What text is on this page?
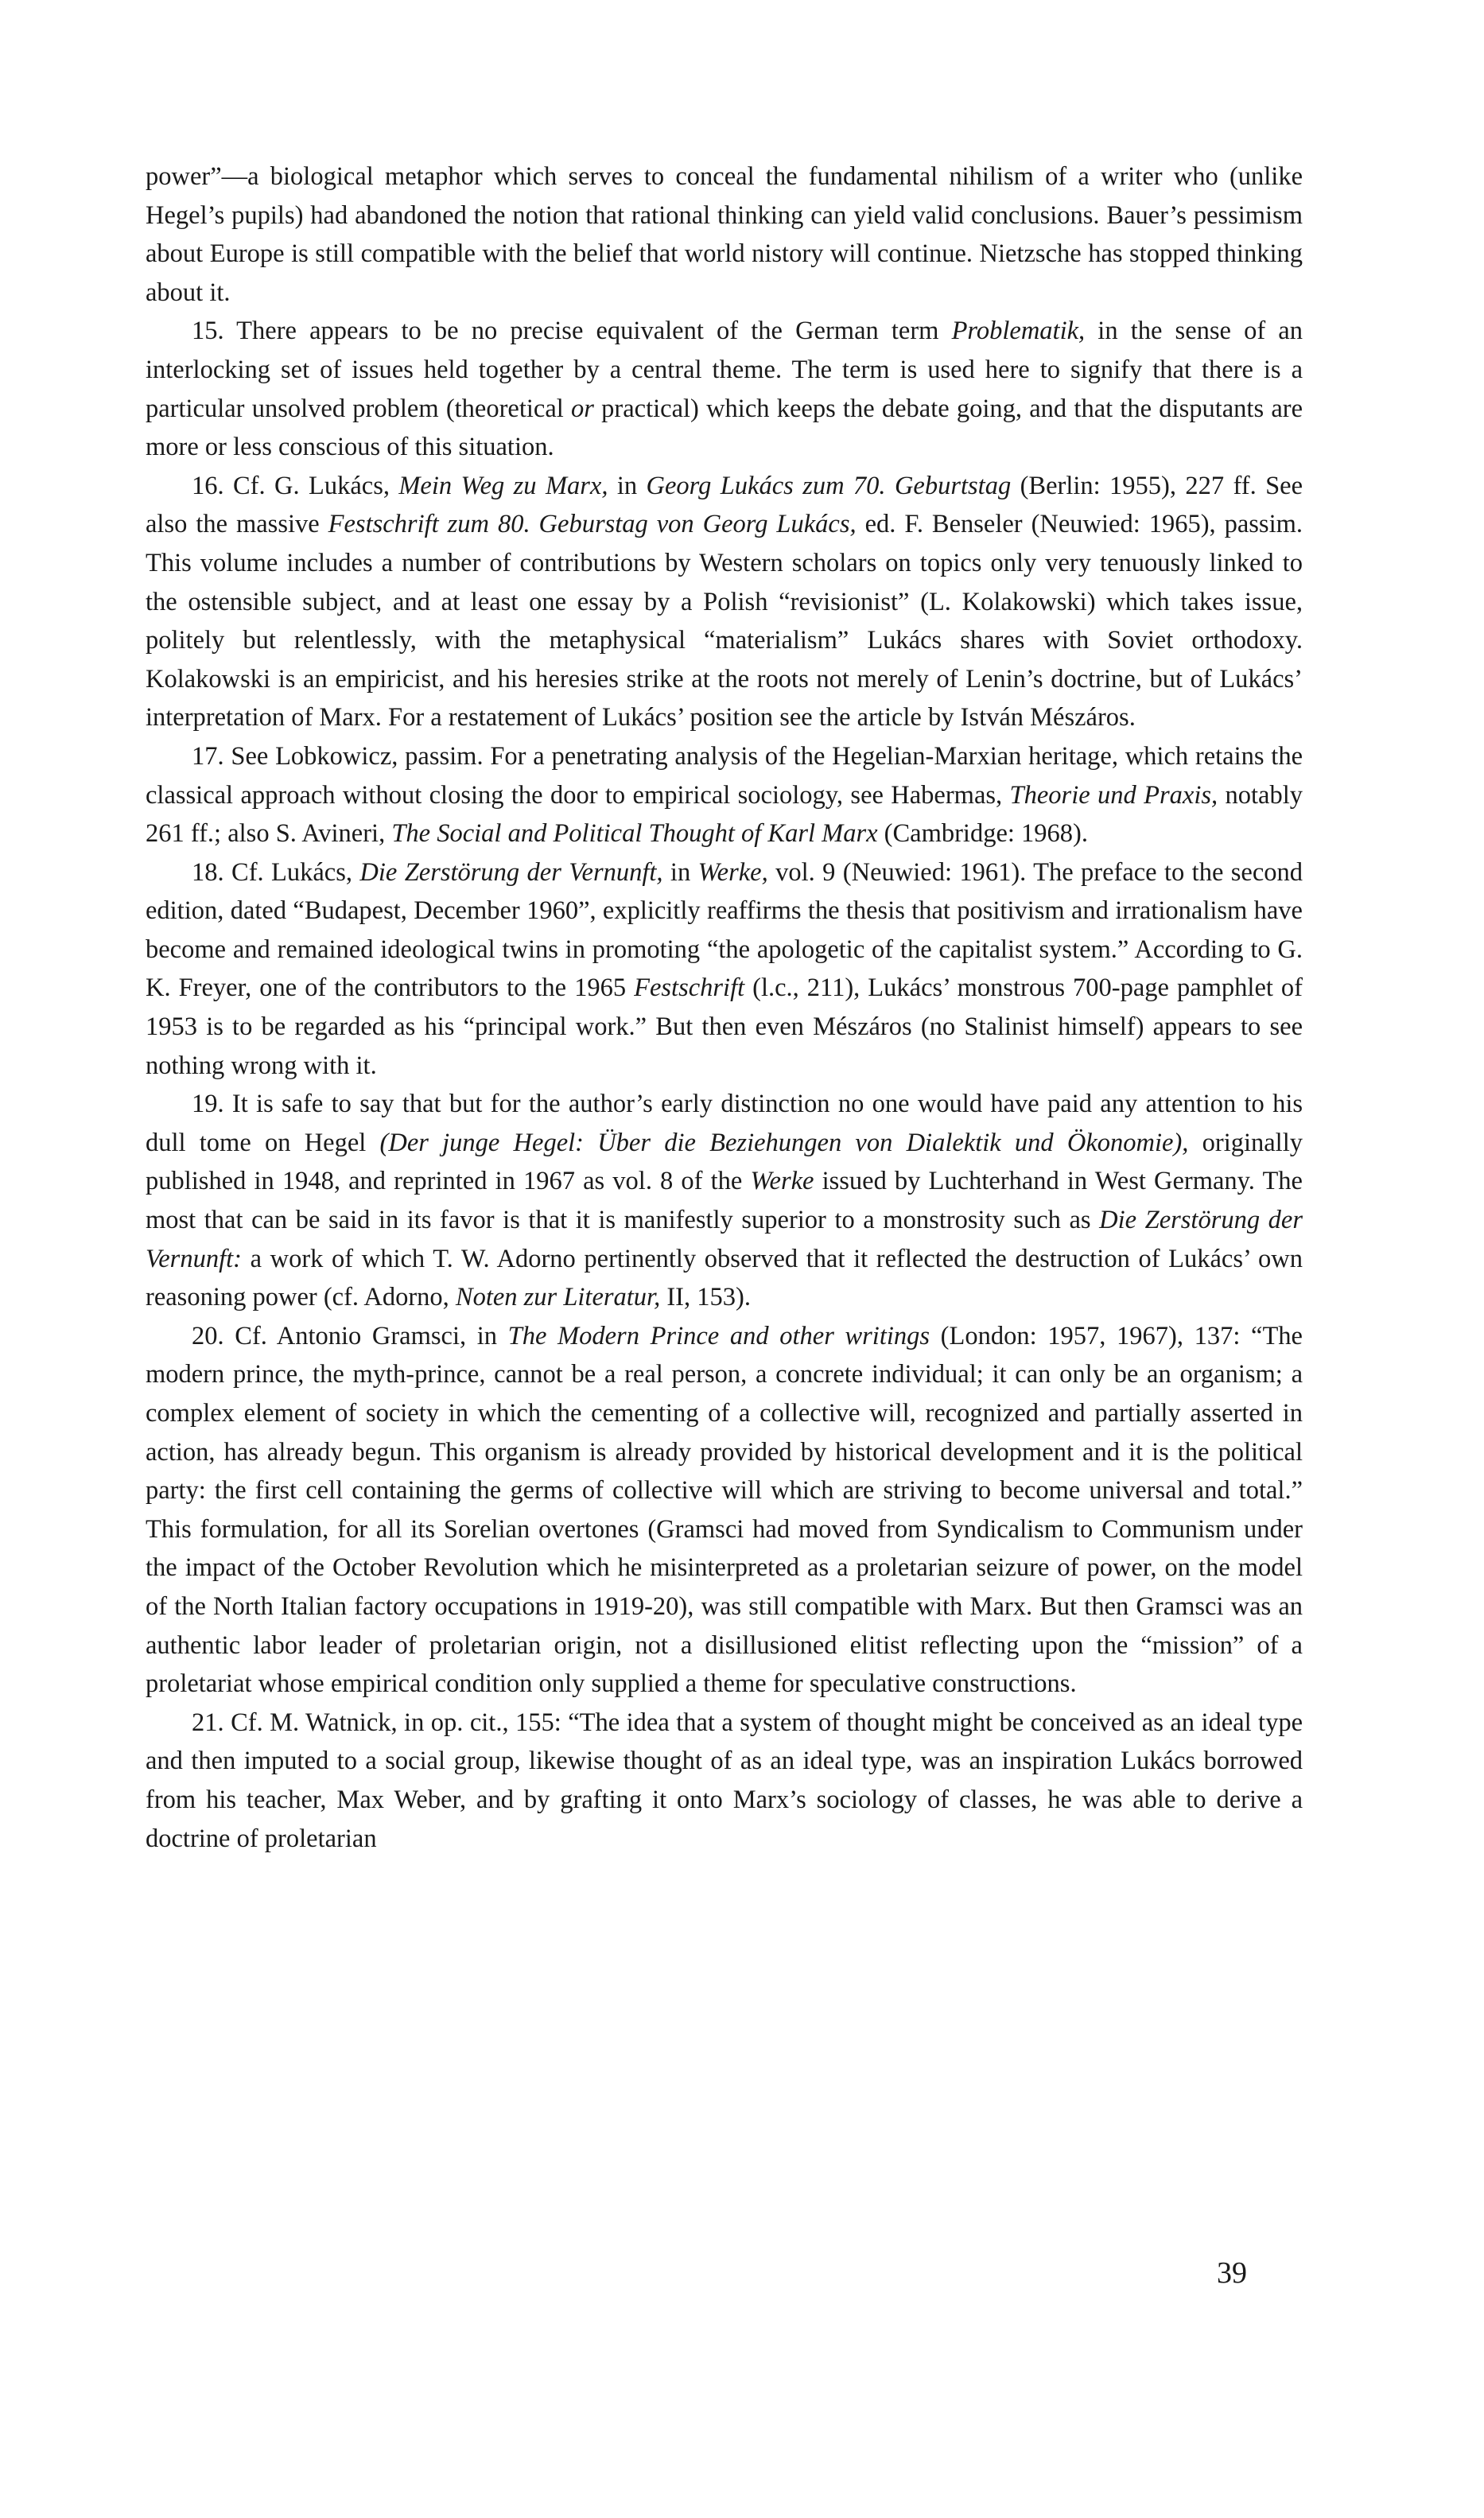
power”—a biological metaphor which serves to conceal the fundamental nihilism of a writer who (unlike Hegel’s pupils) had abandoned the notion that rational thinking can yield valid conclusions. Bauer’s pessimism about Europe is still compatible with the belief that world nistory will continue. Nietzsche has stopped thinking about it.

15. There appears to be no precise equivalent of the German term Problematik, in the sense of an interlocking set of issues held together by a central theme. The term is used here to signify that there is a particular unsolved problem (theoretical or practical) which keeps the debate going, and that the disputants are more or less conscious of this situation.

16. Cf. G. Lukács, Mein Weg zu Marx, in Georg Lukács zum 70. Geburtstag (Berlin: 1955), 227 ff. See also the massive Festschrift zum 80. Geburstag von Georg Lukács, ed. F. Benseler (Neuwied: 1965), passim. This volume includes a number of contributions by Western scholars on topics only very tenuously linked to the ostensible subject, and at least one essay by a Polish “revisionist” (L. Kolakowski) which takes issue, politely but relentlessly, with the metaphysical “materialism” Lukács shares with Soviet orthodoxy. Kolakowski is an empiricist, and his heresies strike at the roots not merely of Lenin’s doctrine, but of Lukács’ interpretation of Marx. For a restatement of Lukács’ position see the article by István Mészáros.

17. See Lobkowicz, passim. For a penetrating analysis of the Hegelian-Marxian heritage, which retains the classical approach without closing the door to empirical sociology, see Habermas, Theorie und Praxis, notably 261 ff.; also S. Avineri, The Social and Political Thought of Karl Marx (Cambridge: 1968).

18. Cf. Lukács, Die Zerstörung der Vernunft, in Werke, vol. 9 (Neuwied: 1961). The preface to the second edition, dated “Budapest, December 1960”, explicitly reaffirms the thesis that positivism and irrationalism have become and remained ideological twins in promoting “the apologetic of the capitalist system.” According to G. K. Freyer, one of the contributors to the 1965 Festschrift (l.c., 211), Lukács’ monstrous 700-page pamphlet of 1953 is to be regarded as his “principal work.” But then even Mészáros (no Stalinist himself) appears to see nothing wrong with it.

19. It is safe to say that but for the author’s early distinction no one would have paid any attention to his dull tome on Hegel (Der junge Hegel: Über die Beziehungen von Dialektik und Ökonomie), originally published in 1948, and reprinted in 1967 as vol. 8 of the Werke issued by Luchterhand in West Germany. The most that can be said in its favor is that it is manifestly superior to a monstrosity such as Die Zerstörung der Vernunft: a work of which T. W. Adorno pertinently observed that it reflected the destruction of Lukács’ own reasoning power (cf. Adorno, Noten zur Literatur, II, 153).

20. Cf. Antonio Gramsci, in The Modern Prince and other writings (London: 1957, 1967), 137: “The modern prince, the myth-prince, cannot be a real person, a concrete individual; it can only be an organism; a complex element of society in which the cementing of a collective will, recognized and partially asserted in action, has already begun. This organism is already provided by historical development and it is the political party: the first cell containing the germs of collective will which are striving to become universal and total.” This formulation, for all its Sorelian overtones (Gramsci had moved from Syndicalism to Communism under the impact of the October Revolution which he misinterpreted as a proletarian seizure of power, on the model of the North Italian factory occupations in 1919-20), was still compatible with Marx. But then Gramsci was an authentic labor leader of proletarian origin, not a disillusioned elitist reflecting upon the “mission” of a proletariat whose empirical condition only supplied a theme for speculative constructions.

21. Cf. M. Watnick, in op. cit., 155: “The idea that a system of thought might be conceived as an ideal type and then imputed to a social group, likewise thought of as an ideal type, was an inspiration Lukács borrowed from his teacher, Max Weber, and by grafting it onto Marx’s sociology of classes, he was able to derive a doctrine of proletarian

39
